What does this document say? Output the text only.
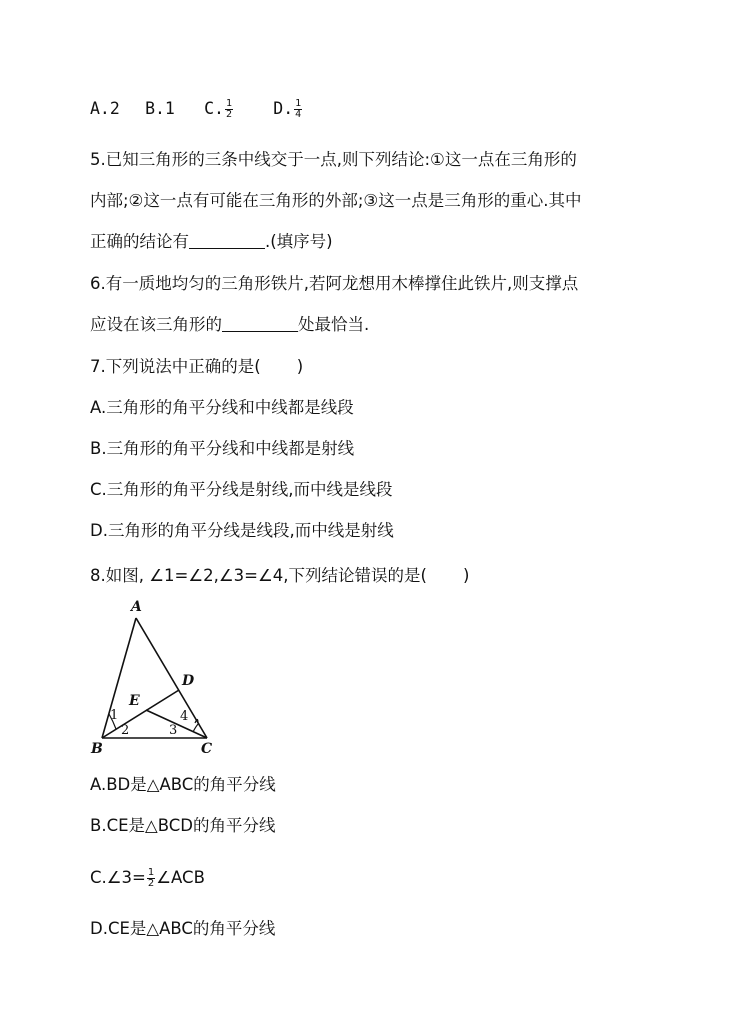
A.2 B.1 C. $\frac{1}{2} D$. $\frac{1}{4}$
5.已知三角形的三条中线交于一点,则下列结论:①这一点在三角形的
内部;②这一点有可能在三角形的外部;③这一点是三角形的重心.其中
正确的结论有	.(填序号)
6.有一质地均匀的三角形铁片,若阿龙想用木棒撑住此铁片,则支撑点
应设在该三角形的	处最恰当.
7.下列说法中正确的是( )
A.三角形的角平分线和中线都是线段
B.三角形的角平分线和中线都是射线
C.三角形的角平分线是射线,而中线是线段
D.三角形的角平分线是线段,而中线是射线
8.如图, ∠1=∠2,∠3=∠4,下列结论错误的是( )
A
B	C
D
E
1
2	3
4
A.BD是△ABC的角平分线
B.CE是△BCD的角平分线
C.∠3= $\frac{1}{2}$ ∠ACB
D.CE是△ABC的角平分线
